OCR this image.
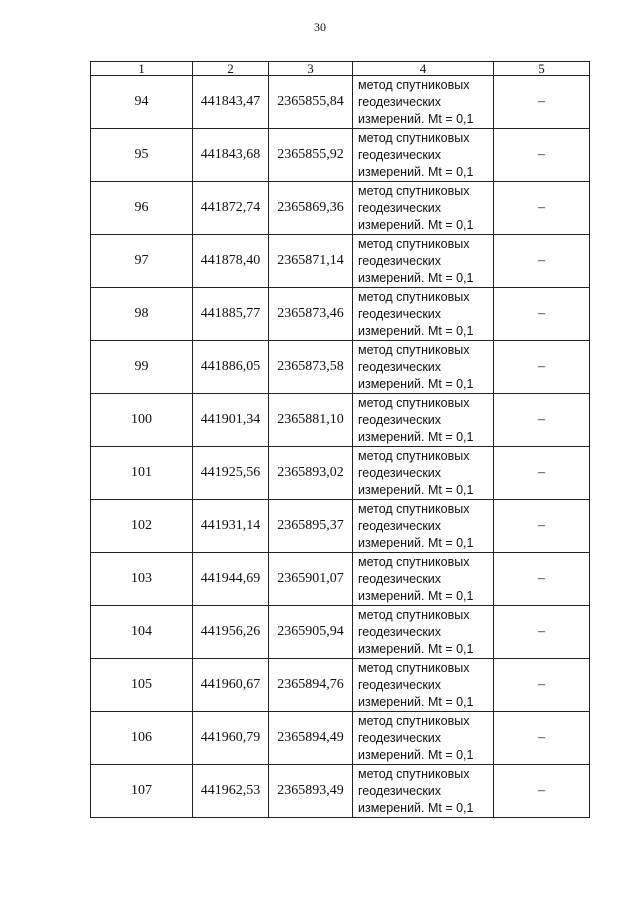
30
1	2	3	4	5
94	441843,47	2365855,84	метод спутниковых
геодезических
измерений. Mt = 0,1	–
95	441843,68	2365855,92	метод спутниковых
геодезических
измерений. Mt = 0,1	–
96	441872,74	2365869,36	метод спутниковых
геодезических
измерений. Mt = 0,1	–
97	441878,40	2365871,14	метод спутниковых
геодезических
измерений. Mt = 0,1	–
98	441885,77	2365873,46	метод спутниковых
геодезических
измерений. Mt = 0,1	–
99	441886,05	2365873,58	метод спутниковых
геодезических
измерений. Mt = 0,1	–
100	441901,34	2365881,10	метод спутниковых
геодезических
измерений. Mt = 0,1	–
101	441925,56	2365893,02	метод спутниковых
геодезических
измерений. Mt = 0,1	–
102	441931,14	2365895,37	метод спутниковых
геодезических
измерений. Mt = 0,1	–
103	441944,69	2365901,07	метод спутниковых
геодезических
измерений. Mt = 0,1	–
104	441956,26	2365905,94	метод спутниковых
геодезических
измерений. Mt = 0,1	–
105	441960,67	2365894,76	метод спутниковых
геодезических
измерений. Mt = 0,1	–
106	441960,79	2365894,49	метод спутниковых
геодезических
измерений. Mt = 0,1	–
107	441962,53	2365893,49	метод спутниковых
геодезических
измерений. Mt = 0,1	–
